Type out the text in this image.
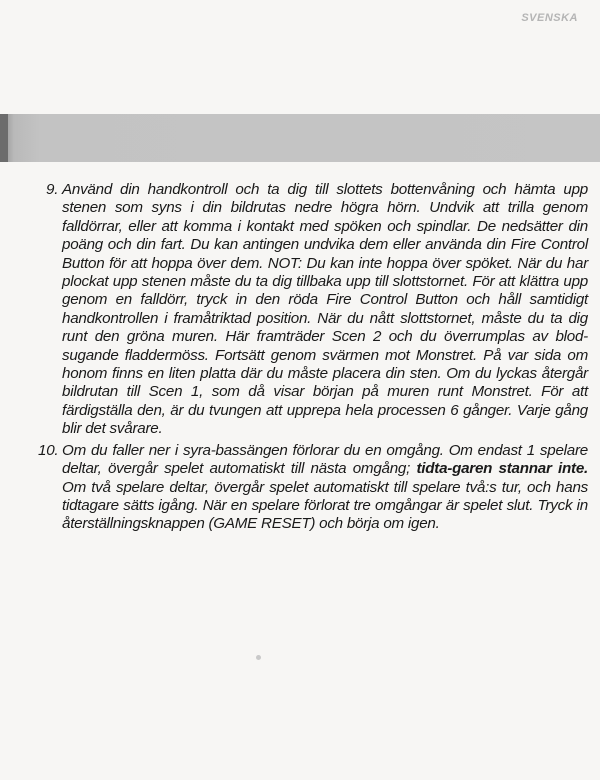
SVENSKA
9. Använd din handkontroll och ta dig till slottets bottenvåning och hämta upp stenen som syns i din bildrutas nedre högra hörn. Undvik att trilla genom falldörrar, eller att komma i kontakt med spöken och spindlar. De nedsätter din poäng och din fart. Du kan antingen undvika dem eller använda din Fire Control Button för att hoppa över dem. NOT: Du kan inte hoppa över spöket. När du har plockat upp stenen måste du ta dig tillbaka upp till slottstornet. För att klättra upp genom en falldörr, tryck in den röda Fire Control Button och håll samtidigt handkontrollen i framåtriktad position. När du nått slottstornet, måste du ta dig runt den gröna muren. Här framträder Scen 2 och du överrumplas av blod-sugande fladdermöss. Fortsätt genom svärmen mot Monstret. På var sida om honom finns en liten platta där du måste placera din sten. Om du lyckas återgår bildrutan till Scen 1, som då visar början på muren runt Monstret. För att färdigställa den, är du tvungen att upprepa hela processen 6 gånger. Varje gång blir det svårare.
10. Om du faller ner i syra-bassängen förlorar du en omgång. Om endast 1 spelare deltar, övergår spelet automatiskt till nästa omgång; tidta-garen stannar inte. Om två spelare deltar, övergår spelet automatiskt till spelare två:s tur, och hans tidtagare sätts igång. När en spelare förlorat tre omgångar är spelet slut. Tryck in återställningsknappen (GAME RESET) och börja om igen.
